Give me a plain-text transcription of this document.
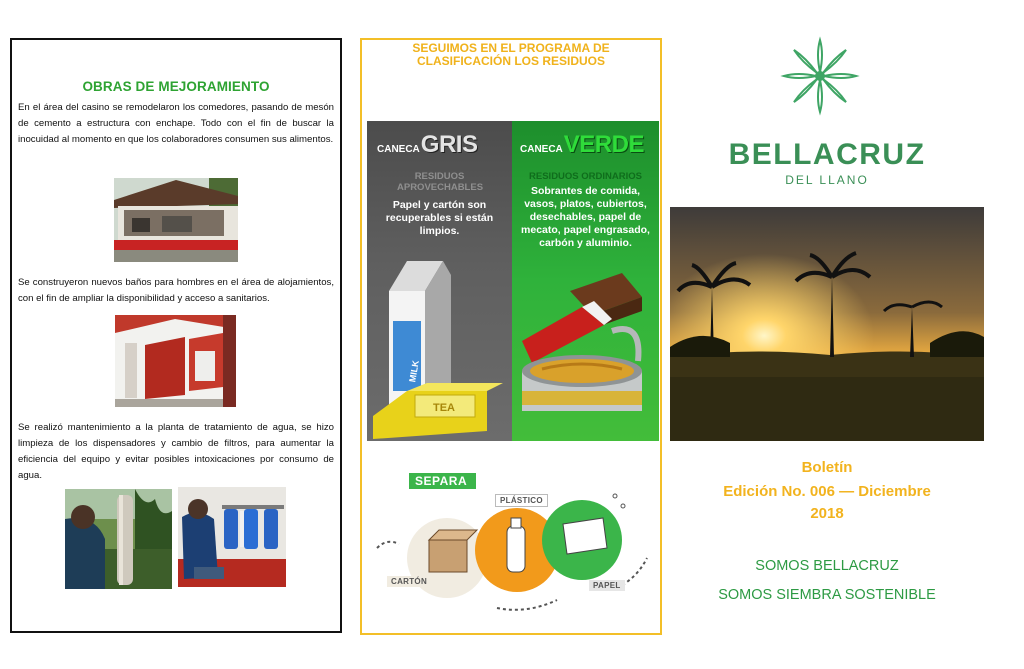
OBRAS DE MEJORAMIENTO

En el área del casino se remodelaron los comedores, pasando de mesón de cemento a estructura con enchape. Todo con el fin de buscar la inocuidad al momento en que los colaboradores consumen sus alimentos.

Se construyeron nuevos baños para hombres en el área de alojamientos, con el fin de ampliar la disponibilidad y acceso a sanitarios.

Se realizó mantenimiento a la planta de tratamiento de agua, se hizo limpieza de los dispensadores y cambio de filtros, para aumentar la eficiencia del equipo y evitar posibles intoxicaciones por consumo de agua.

SEGUIMOS EN EL PROGRAMA DE CLASIFICACIÓN LOS RESIDUOS
CANECA GRIS
RESIDUOS APROVECHABLES
Papel y cartón son recuperables si están limpios.
MILK
TEA
CANECA VERDE
RESIDUOS ORDINARIOS
Sobrantes de comida, vasos, platos, cubiertos, desechables, papel de mecato, papel engrasado, carbón y aluminio.
SEPARA
CARTÓN
PLÁSTICO
PAPEL
BELLACRUZ
DEL LLANO
Boletín
Edición No. 006 — Diciembre
2018
SOMOS BELLACRUZ
SOMOS SIEMBRA SOSTENIBLE
